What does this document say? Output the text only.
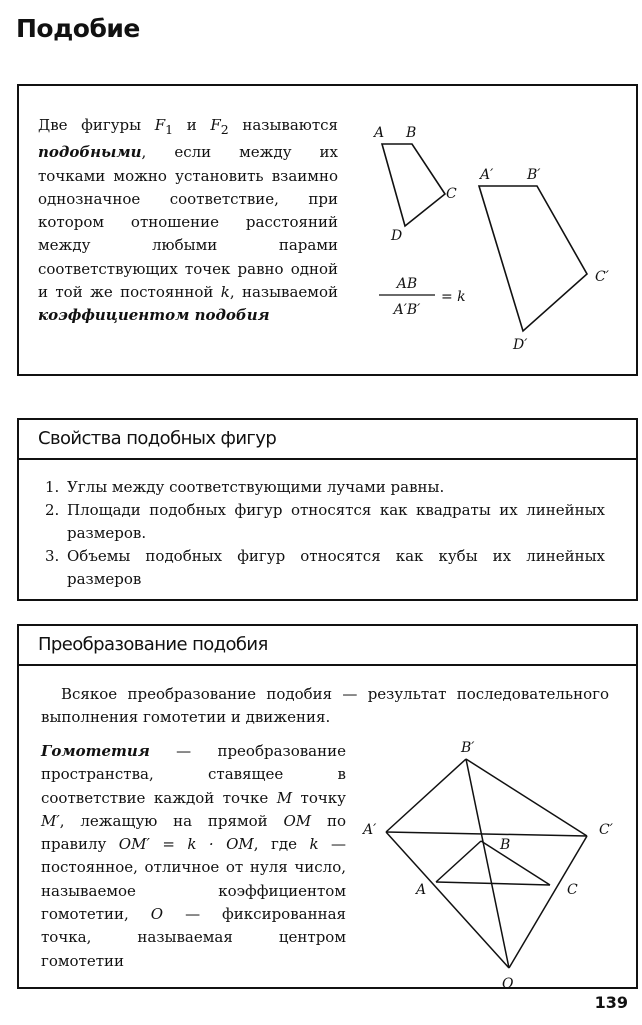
Подобие
Две фигуры $F_1$ и $F_2$ называются подобными, если между их точками можно установить взаимно однозначное соответствие, при котором отношение расстояний между любыми парами соответствующих точек равно одной и той же постоянной k, называемой коэффициентом подобия
A B
C
D
A′ B′
C′
D′
AB
A′B′
= k
Свойства подобных фигур
1. Углы между соответствующими лучами равны.
2. Площади подобных фигур относятся как квадраты их линейных размеров.
3. Объемы подобных фигур относятся как кубы их линейных размеров
Преобразование подобия
Всякое преобразование подобия — результат последовательного выполнения гомотетии и движения.
Гомотетия — преобразование пространства, ставящее в соответствие каждой точке M точку M′, лежащую на прямой OM по правилу OM′ = k · OM, где k — постоянное, отличное от нуля число, называемое коэффициентом гомотетии, O — фиксированная точка, называемая центром гомотетии
B′
A′	C′
B
A	C
O
139
